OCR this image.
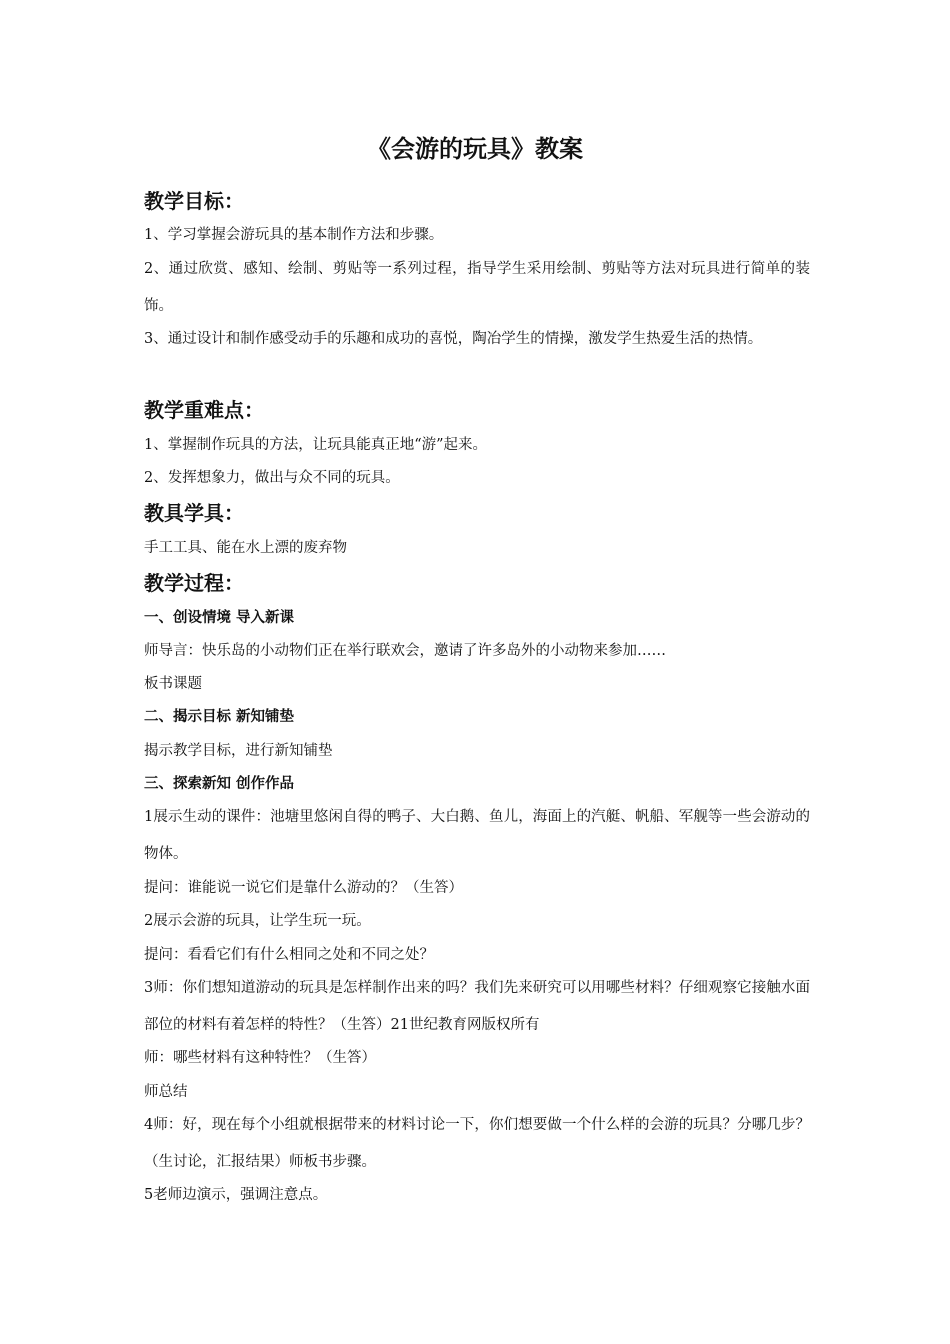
《会游的玩具》教案
教学目标：

1、学习掌握会游玩具的基本制作方法和步骤。

2、通过欣赏、感知、绘制、剪贴等一系列过程，指导学生采用绘制、剪贴等方法对玩具进行简单的装饰。

3、通过设计和制作感受动手的乐趣和成功的喜悦，陶冶学生的情操，激发学生热爱生活的热情。

教学重难点：

1、掌握制作玩具的方法，让玩具能真正地“游”起来。

2、发挥想象力，做出与众不同的玩具。

教具学具：

手工工具、能在水上漂的废弃物

教学过程：
一、创设情境 导入新课

师导言：快乐岛的小动物们正在举行联欢会，邀请了许多岛外的小动物来参加……

板书课题

二、揭示目标 新知铺垫

揭示教学目标，进行新知铺垫

三、探索新知 创作作品

1展示生动的课件：池塘里悠闲自得的鸭子、大白鹅、鱼儿，海面上的汽艇、帆船、军舰等一些会游动的物体。

提问：谁能说一说它们是靠什么游动的？（生答）

2展示会游的玩具，让学生玩一玩。

提问：看看它们有什么相同之处和不同之处？

3师：你们想知道游动的玩具是怎样制作出来的吗？我们先来研究可以用哪些材料？仔细观察它接触水面部位的材料有着怎样的特性？（生答）21世纪教育网版权所有

师：哪些材料有这种特性？（生答）

师总结

4师：好，现在每个小组就根据带来的材料讨论一下，你们想要做一个什么样的会游的玩具？分哪几步？（生讨论，汇报结果）师板书步骤。

5老师边演示，强调注意点。
